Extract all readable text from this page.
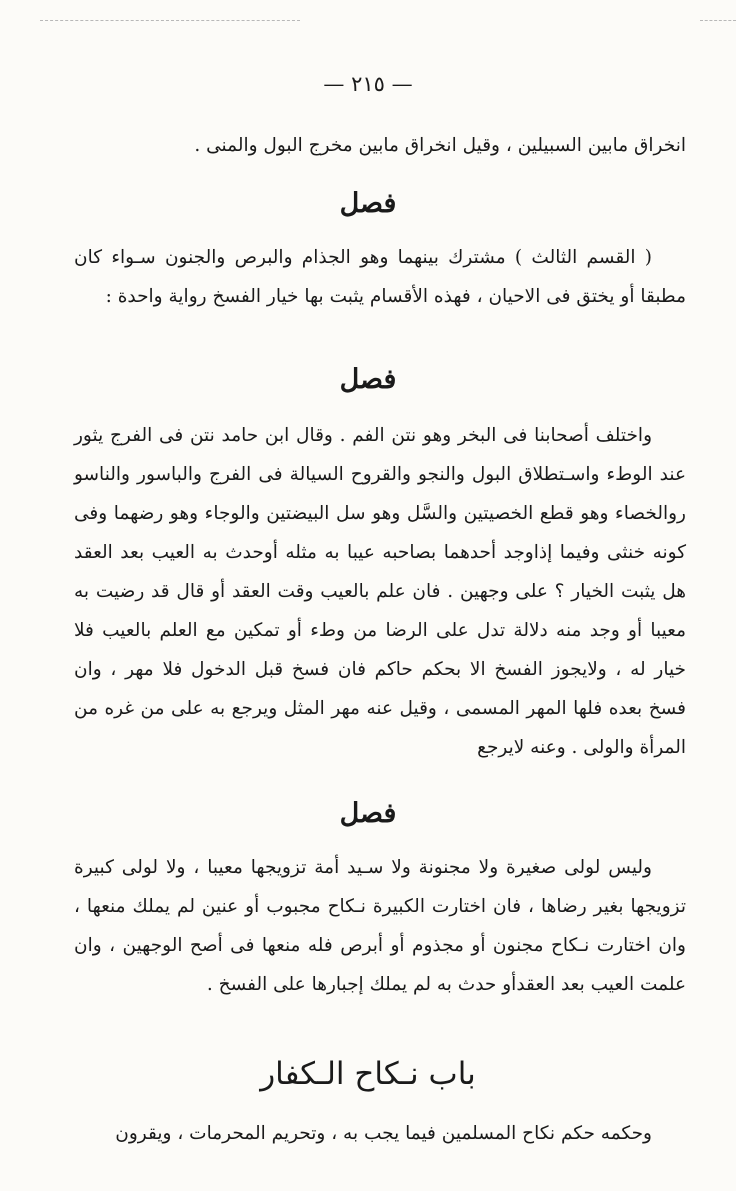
— ٢١٥ —

انخراق مابين السبيلين ، وقيل انخراق مابين مخرج البول والمنى .

فصل

( القسم الثالث ) مشترك بينهما وهو الجذام والبرص والجنون سـواء كان مطبقا أو يختق فى الاحيان ، فهذه الأقسام يثبت بها خيار الفسخ رواية واحدة :

فصل

واختلف أصحابنا فى البخر وهو نتن الفم . وقال ابن حامد نتن فى الفرج يثور عند الوطء واسـتطلاق البول والنجو والقروح السيالة فى الفرج والباسور والناسو روالخصاء وهو قطع الخصيتين والسَّل وهو سل البيضتين والوجاء وهو رضهما وفى كونه خنثى وفيما إذاوجد أحدهما بصاحبه عيبا به مثله أوحدث به العيب بعد العقد هل يثبت الخيار ؟ على وجهين . فان علم بالعيب وقت العقد أو قال قد رضيت به معيبا أو وجد منه دلالة تدل على الرضا من وطء أو تمكين مع العلم بالعيب فلا خيار له ، ولايجوز الفسخ الا بحكم حاكم فان فسخ قبل الدخول فلا مهر ، وان فسخ بعده فلها المهر المسمى ، وقيل عنه مهر المثل ويرجع به على من غره من المرأة والولى . وعنه لايرجع

فصل

وليس لولى صغيرة ولا مجنونة ولا سـيد أمة تزويجها معيبا ، ولا لولى كبيرة تزويجها بغير رضاها ، فان اختارت الكبيرة نـكاح مجبوب أو عنين لم يملك منعها ، وان اختارت نـكاح مجنون أو مجذوم أو أبرص فله منعها فى أصح الوجهين ، وان علمت العيب بعد العقدأو حدث به لم يملك إجبارها على الفسخ .

باب نـكاح الـكفار

وحكمه حكم نكاح المسلمين فيما يجب به ، وتحريم المحرمات ، ويقرون
